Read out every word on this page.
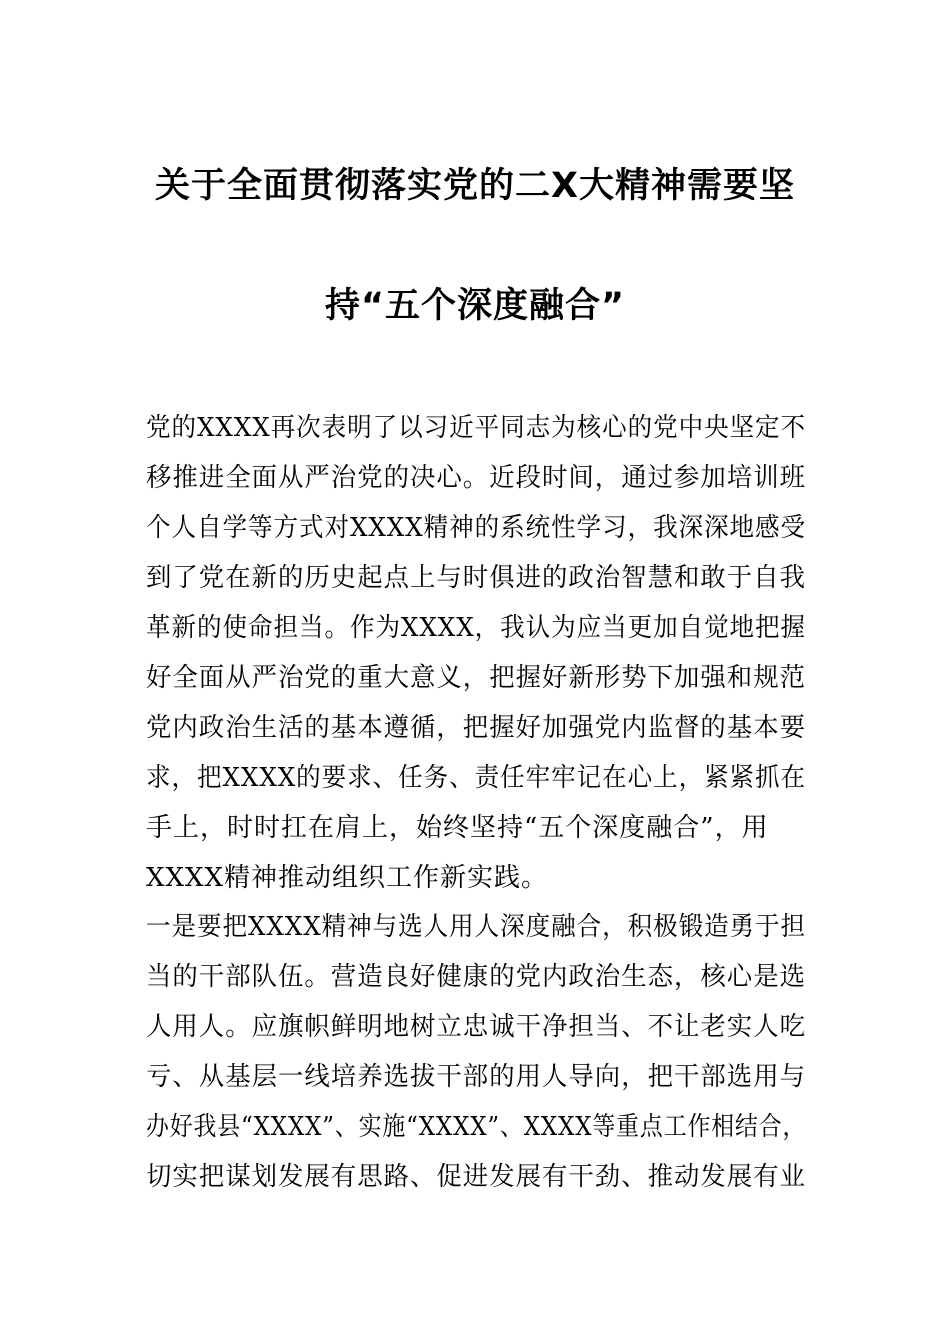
关于全面贯彻落实党的二X大精神需要坚
持“五个深度融合”
党的XXXX再次表明了以习近平同志为核心的党中央坚定不
移推进全面从严治党的决心。近段时间，通过参加培训班
个人自学等方式对XXXX精神的系统性学习，我深深地感受
到了党在新的历史起点上与时俱进的政治智慧和敢于自我
革新的使命担当。作为XXXX，我认为应当更加自觉地把握
好全面从严治党的重大意义，把握好新形势下加强和规范
党内政治生活的基本遵循，把握好加强党内监督的基本要
求，把XXXX的要求、任务、责任牢牢记在心上，紧紧抓在
手上，时时扛在肩上，始终坚持“五个深度融合”，用
XXXX精神推动组织工作新实践。
一是要把XXXX精神与选人用人深度融合，积极锻造勇于担
当的干部队伍。营造良好健康的党内政治生态，核心是选
人用人。应旗帜鲜明地树立忠诚干净担当、不让老实人吃
亏、从基层一线培养选拔干部的用人导向，把干部选用与
办好我县“XXXX”、实施“XXXX”、XXXX等重点工作相结合，
切实把谋划发展有思路、促进发展有干劲、推动发展有业
